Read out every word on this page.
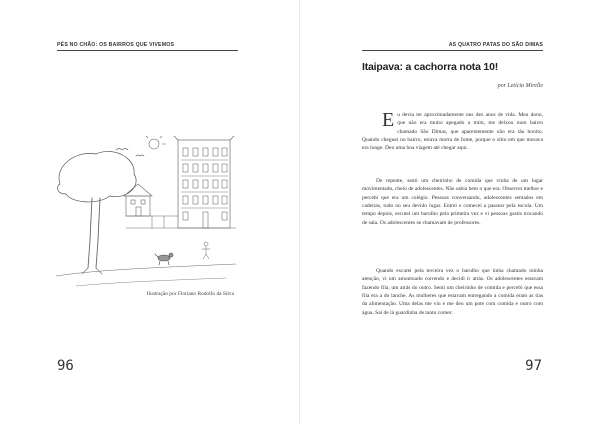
PÉS NO CHÃO: OS BAIRROS QUE VIVEMOS
Ilustração por Floriano Rodolfo da Silva
96
AS QUATRO PATAS DO SÃO DIMAS
Itaipava: a cachorra nota 10!
por Letícia Mirelle

Eu devia ter aproximadamente uns dez anos de vida. Meu dono, que não era muito apegado a mim, me deixou num bairro chamado São Dimas, que aparentemente não era tão bonito. Quando cheguei no bairro, estava morta de fome, porque o sítio em que morava era longe. Deu uma boa viagem até chegar aqui.

De repente, senti um cheirinho de comida que vinha de um lugar movimentado, cheio de adolescentes. Não sabia bem o que era. Observei melhor e percebi que era um colégio. Pessoas conversando, adolescentes sentados em cadeiras, tudo no seu devido lugar. Entrei e comecei a passear pela escola. Um tempo depois, escutei um barulho pela primeira vez e vi pessoas gastis trocando de sala. Os adolescentes se chamavam de professores.

Quando escutei pela terceira vez o barulho que tinha chamado minha atenção, vi um amontoado correndo e decidi ir atrás. Os adolescentes estavam fazendo fila, um atrás do outro. Senti um cheirinho de comida e percebi que essa fila era a do lanche. As mulheres que estavam entregando a comida eram as tias da alimentação. Uma delas me viu e me deu um pote com comida e outro com água. Saí de lá guardinha de tanto comer.

97
